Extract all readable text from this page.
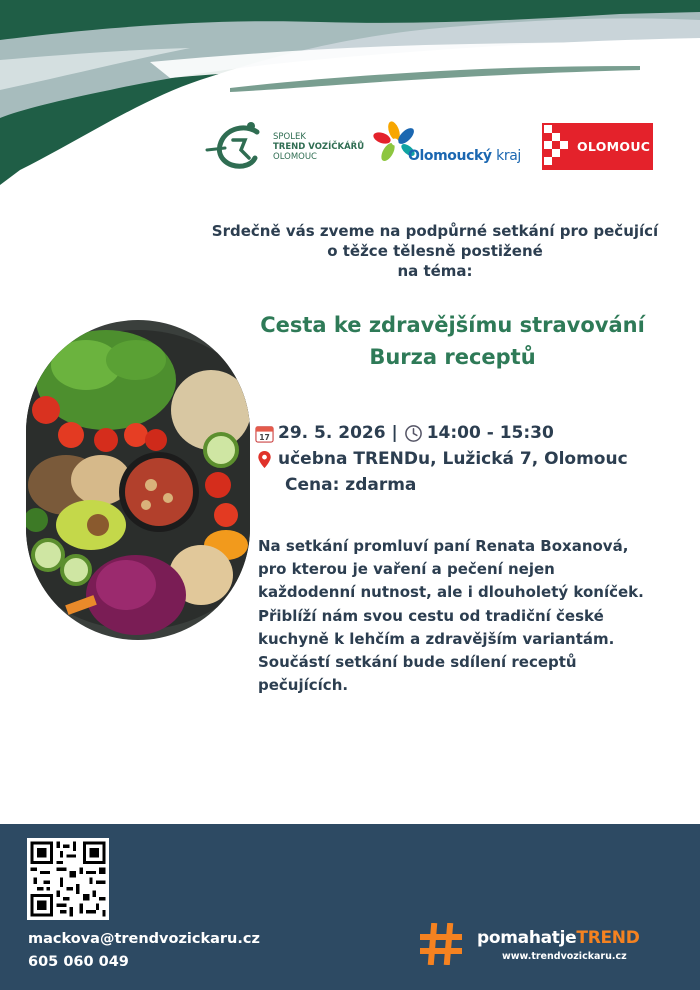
SPOLEK
TREND VOZÍČKÁŘŮ
OLOMOUC	Olomoucký kraj
OLOMOUC
Srdečně vás zveme na podpůrné setkání pro pečující
o těžce tělesně postižené
na téma:
Cesta ke zdravějšímu stravování
Burza receptů
17 29. 5. 2026 | 14:00 - 15:30
učebna TRENDu, Lužická 7, Olomouc
Cena: zdarma
Na setkání promluví paní Renata Boxanová,
pro kterou je vaření a pečení nejen
každodenní nutnost, ale i dlouholetý koníček.
Přiblíží nám svou cestu od tradiční české
kuchyně k lehčím a zdravějším variantám.
Součástí setkání bude sdílení receptů
pečujících.
mackova@trendvozickaru.cz
605 060 049
pomahatjeTREND
www.trendvozickaru.cz
